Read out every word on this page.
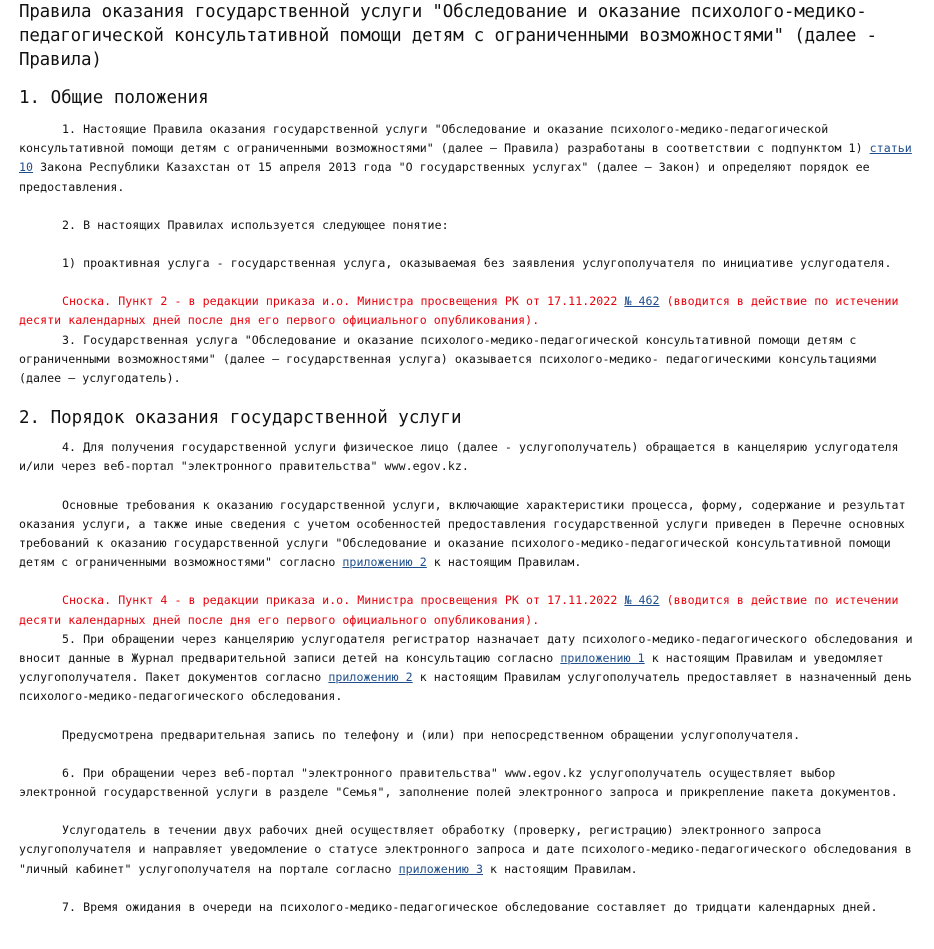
Правила оказания государственной услуги "Обследование и оказание психолого-медико-педагогической консультативной помощи детям с ограниченными возможностями" (далее - Правила)
1. Общие положения

1. Настоящие Правила оказания государственной услуги "Обследование и оказание психолого-медико-педагогической консультативной помощи детям с ограниченными возможностями" (далее – Правила) разработаны в соответствии с подпунктом 1) статьи 10 Закона Республики Казахстан от 15 апреля 2013 года "О государственных услугах" (далее – Закон) и определяют порядок ее предоставления.

2. В настоящих Правилах используется следующее понятие:

1) проактивная услуга - государственная услуга, оказываемая без заявления услугополучателя по инициативе услугодателя.

Сноска. Пункт 2 - в редакции приказа и.о. Министра просвещения РК от 17.11.2022 № 462 (вводится в действие по истечении десяти календарных дней после дня его первого официального опубликования).

3. Государственная услуга "Обследование и оказание психолого-медико-педагогической консультативной помощи детям с ограниченными возможностями" (далее – государственная услуга) оказывается психолого-медико- педагогическими консультациями (далее – услугодатель).

2. Порядок оказания государственной услуги

4. Для получения государственной услуги физическое лицо (далее - услугополучатель) обращается в канцелярию услугодателя и/или через веб-портал "электронного правительства" www.egov.kz.

Основные требования к оказанию государственной услуги, включающие характеристики процесса, форму, содержание и результат оказания услуги, а также иные сведения с учетом особенностей предоставления государственной услуги приведен в Перечне основных требований к оказанию государственной услуги "Обследование и оказание психолого-медико-педагогической консультативной помощи детям с ограниченными возможностями" согласно приложению 2 к настоящим Правилам.

Сноска. Пункт 4 - в редакции приказа и.о. Министра просвещения РК от 17.11.2022 № 462 (вводится в действие по истечении десяти календарных дней после дня его первого официального опубликования).

5. При обращении через канцелярию услугодателя регистратор назначает дату психолого-медико-педагогического обследования и вносит данные в Журнал предварительной записи детей на консультацию согласно приложению 1 к настоящим Правилам и уведомляет услугополучателя. Пакет документов согласно приложению 2 к настоящим Правилам услугополучатель предоставляет в назначенный день психолого-медико-педагогического обследования.

Предусмотрена предварительная запись по телефону и (или) при непосредственном обращении услугополучателя.

6. При обращении через веб-портал "электронного правительства" www.egov.kz услугополучатель осуществляет выбор электронной государственной услуги в разделе "Семья", заполнение полей электронного запроса и прикрепление пакета документов.

Услугодатель в течении двух рабочих дней осуществляет обработку (проверку, регистрацию) электронного запроса услугополучателя и направляет уведомление о статусе электронного запроса и дате психолого-медико-педагогического обследования в "личный кабинет" услугополучателя на портале согласно приложению 3 к настоящим Правилам.

7. Время ожидания в очереди на психолого-медико-педагогическое обследование составляет до тридцати календарных дней.
